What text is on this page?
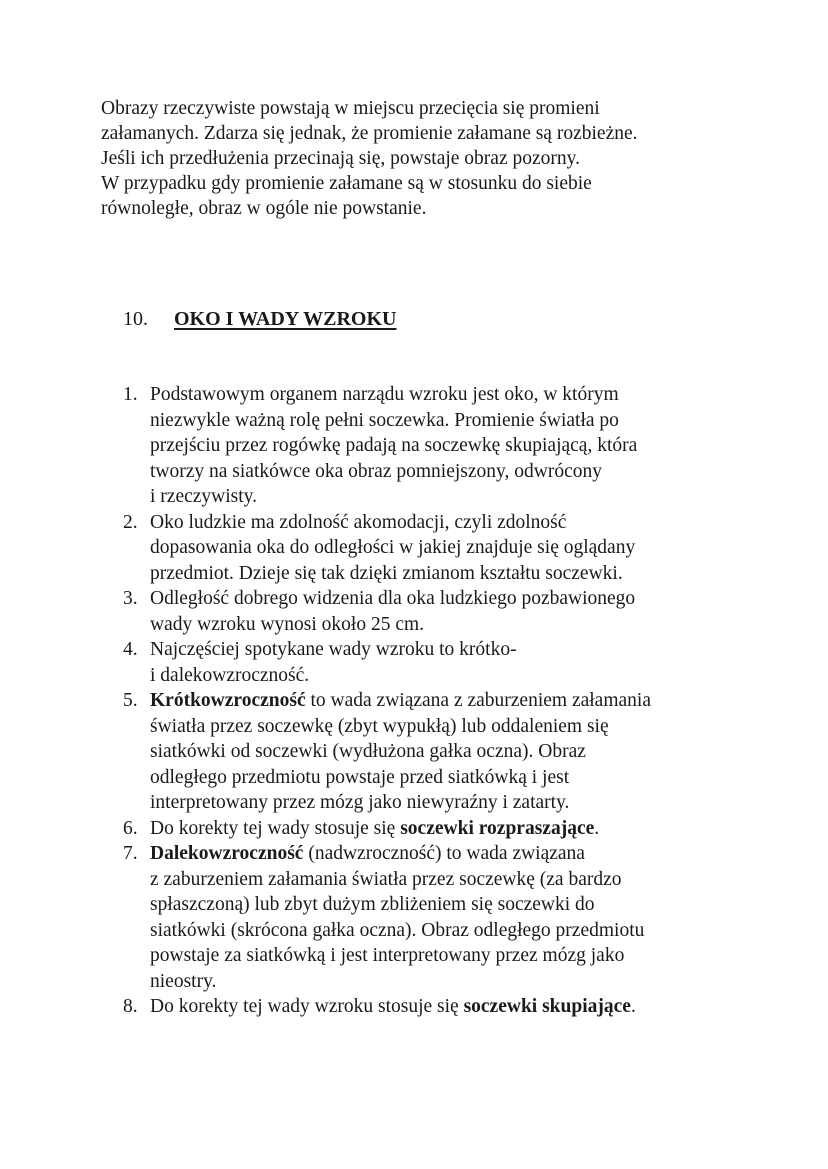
Obrazy rzeczywiste powstają w miejscu przecięcia się promieni
załamanych. Zdarza się jednak, że promienie załamane są rozbieżne.
Jeśli ich przedłużenia przecinają się, powstaje obraz pozorny.
W przypadku gdy promienie załamane są w stosunku do siebie
równoległe, obraz w ogóle nie powstanie.
10. OKO I WADY WZROKU
1. Podstawowym organem narządu wzroku jest oko, w którym
niezwykle ważną rolę pełni soczewka. Promienie światła po
przejściu przez rogówkę padają na soczewkę skupiającą, która
tworzy na siatkówce oka obraz pomniejszony, odwrócony
i rzeczywisty.
2. Oko ludzkie ma zdolność akomodacji, czyli zdolność
dopasowania oka do odległości w jakiej znajduje się oglądany
przedmiot. Dzieje się tak dzięki zmianom kształtu soczewki.
3. Odległość dobrego widzenia dla oka ludzkiego pozbawionego
wady wzroku wynosi około 25 cm.
4. Najczęściej spotykane wady wzroku to krótko-
i dalekowzroczność.
5. Krótkowzroczność to wada związana z zaburzeniem załamania
światła przez soczewkę (zbyt wypukłą) lub oddaleniem się
siatkówki od soczewki (wydłużona gałka oczna). Obraz
odległego przedmiotu powstaje przed siatkówką i jest
interpretowany przez mózg jako niewyraźny i zatarty.
6. Do korekty tej wady stosuje się soczewki rozpraszające.
7. Dalekowzroczność (nadwzroczność) to wada związana
z zaburzeniem załamania światła przez soczewkę (za bardzo
spłaszczoną) lub zbyt dużym zbliżeniem się soczewki do
siatkówki (skrócona gałka oczna). Obraz odległego przedmiotu
powstaje za siatkówką i jest interpretowany przez mózg jako
nieostry.
8. Do korekty tej wady wzroku stosuje się soczewki skupiające.
